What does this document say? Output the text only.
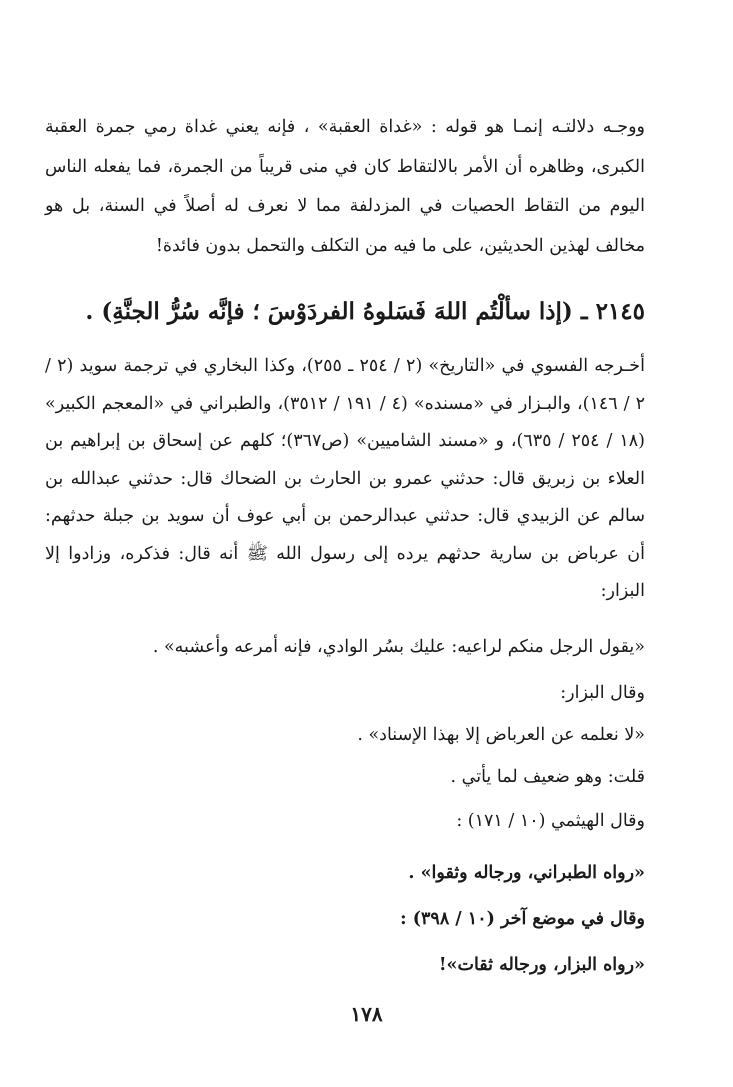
ووجـه دلالتـه إنمـا هو قوله : «غداة العقبة» ، فإنه يعني غداة رمي جمرة العقبة الكبرى، وظاهره أن الأمر بالالتقاط كان في منى قريباً من الجمرة، فما يفعله الناس اليوم من التقاط الحصيات في المزدلفة مما لا نعرف له أصلاً في السنة، بل هو مخالف لهذين الحديثين، على ما فيه من التكلف والتحمل بدون فائدة!

٢١٤٥ ـ (إذا سألْتُم اللهَ فَسَلوهُ الفردَوْسَ ؛ فإنَّه سُرُّ الجنَّةِ) .

أخـرجه الفسوي في «التاريخ» (٢ / ٢٥٤ ـ ٢٥٥)، وكذا البخاري في ترجمة سويد (٢ / ٢ / ١٤٦)، والبـزار في «مسنده» (٤ / ١٩١ / ٣٥١٢)، والطبراني في «المعجم الكبير» (١٨ / ٢٥٤ / ٦٣٥)، و «مسند الشاميين» (ص٣٦٧)؛ كلهم عن إسحاق بن إبراهيم بن العلاء بن زبريق قال: حدثني عمرو بن الحارث بن الضحاك قال: حدثني عبدالله بن سالم عن الزبيدي قال: حدثني عبدالرحمن بن أبي عوف أن سويد بن جبلة حدثهم: أن عرباض بن سارية حدثهم يرده إلى رسول الله ﷺ أنه قال: فذكره، وزادوا إلا البزار:

«يقول الرجل منكم لراعيه: عليك بسُر الوادي، فإنه أمرعه وأعشبه» .
وقال البزار:
«لا نعلمه عن العرباض إلا بهذا الإسناد» .
قلت: وهو ضعيف لما يأتي .
وقال الهيثمي (١٠ / ١٧١) :
«رواه الطبراني، ورجاله وثقوا» .
وقال في موضع آخر (١٠ / ٣٩٨) :
«رواه البزار، ورجاله ثقات»!
١٧٨
